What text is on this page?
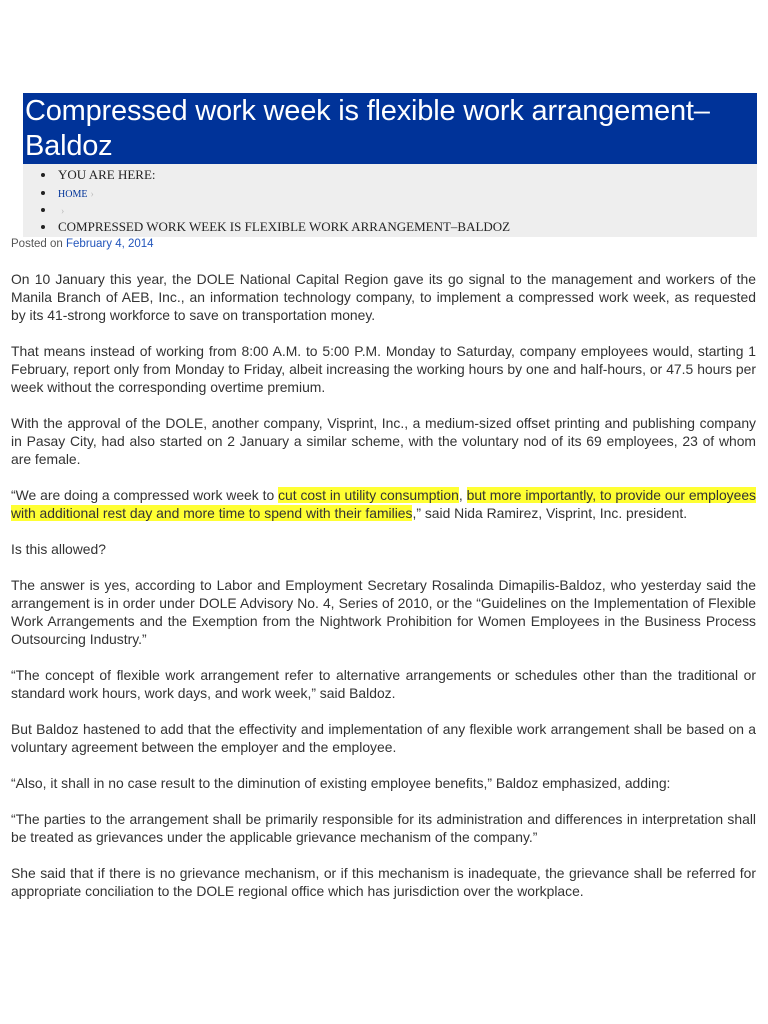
Compressed work week is flexible work arrangement–Baldoz
• YOU ARE HERE:
• HOME ›
• ›
• COMPRESSED WORK WEEK IS FLEXIBLE WORK ARRANGEMENT–BALDOZ

Posted on February 4, 2014

On 10 January this year, the DOLE National Capital Region gave its go signal to the management and workers of the Manila Branch of AEB, Inc., an information technology company, to implement a compressed work week, as requested by its 41-strong workforce to save on transportation money.

That means instead of working from 8:00 A.M. to 5:00 P.M. Monday to Saturday, company employees would, starting 1 February, report only from Monday to Friday, albeit increasing the working hours by one and half-hours, or 47.5 hours per week without the corresponding overtime premium.

With the approval of the DOLE, another company, Visprint, Inc., a medium-sized offset printing and publishing company in Pasay City, had also started on 2 January a similar scheme, with the voluntary nod of its 69 employees, 23 of whom are female.

“We are doing a compressed work week to cut cost in utility consumption, but more importantly, to provide our employees with additional rest day and more time to spend with their families,” said Nida Ramirez, Visprint, Inc. president.

Is this allowed?

The answer is yes, according to Labor and Employment Secretary Rosalinda Dimapilis-Baldoz, who yesterday said the arrangement is in order under DOLE Advisory No. 4, Series of 2010, or the “Guidelines on the Implementation of Flexible Work Arrangements and the Exemption from the Nightwork Prohibition for Women Employees in the Business Process Outsourcing Industry.”

“The concept of flexible work arrangement refer to alternative arrangements or schedules other than the traditional or standard work hours, work days, and work week,” said Baldoz.

But Baldoz hastened to add that the effectivity and implementation of any flexible work arrangement shall be based on a voluntary agreement between the employer and the employee.

“Also, it shall in no case result to the diminution of existing employee benefits,” Baldoz emphasized, adding:

“The parties to the arrangement shall be primarily responsible for its administration and differences in interpretation shall be treated as grievances under the applicable grievance mechanism of the company.”

She said that if there is no grievance mechanism, or if this mechanism is inadequate, the grievance shall be referred for appropriate conciliation to the DOLE regional office which has jurisdiction over the workplace.
